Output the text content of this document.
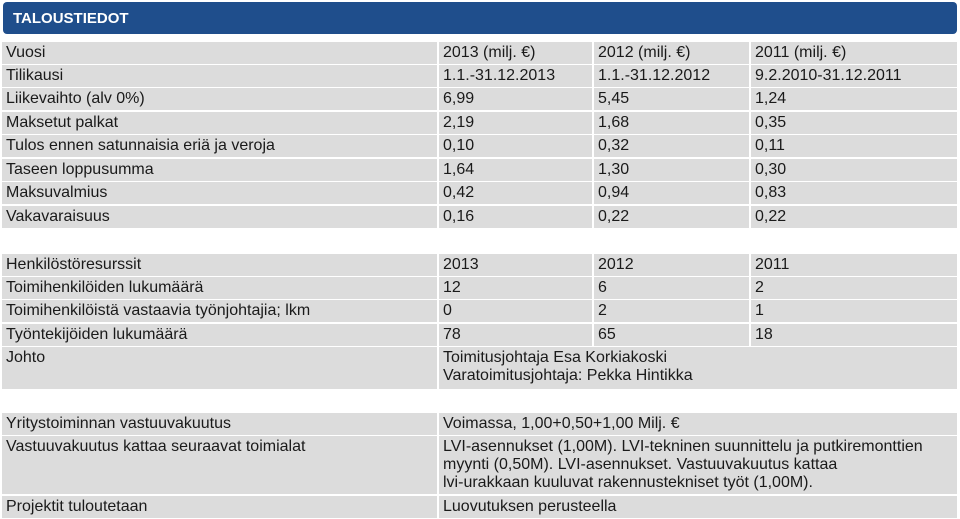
TALOUSTIEDOT
Vuosi	2013 (milj. €)	2012 (milj. €)	2011 (milj. €)
Tilikausi	1.1.-31.12.2013	1.1.-31.12.2012	9.2.2010-31.12.2011
Liikevaihto (alv 0%)	6,99	5,45	1,24
Maksetut palkat	2,19	1,68	0,35
Tulos ennen satunnaisia eriä ja veroja	0,10	0,32	0,11
Taseen loppusumma	1,64	1,30	0,30
Maksuvalmius	0,42	0,94	0,83
Vakavaraisuus	0,16	0,22	0,22
Henkilöstöresurssit	2013	2012	2011
Toimihenkilöiden lukumäärä	12	6	2
Toimihenkilöistä vastaavia työnjohtajia; lkm	0	2	1
Työntekijöiden lukumäärä	78	65	18
Johto	Toimitusjohtaja Esa Korkiakoski
Varatoimitusjohtaja: Pekka Hintikka
Yritystoiminnan vastuuvakuutus	Voimassa, 1,00+0,50+1,00 Milj. €
Vastuuvakuutus kattaa seuraavat toimialat	LVI-asennukset (1,00M). LVI-tekninen suunnittelu ja putkiremonttien
myynti (0,50M). LVI-asennukset. Vastuuvakuutus kattaa
lvi-urakkaan kuuluvat rakennustekniset työt (1,00M).
Projektit tuloutetaan	Luovutuksen perusteella
